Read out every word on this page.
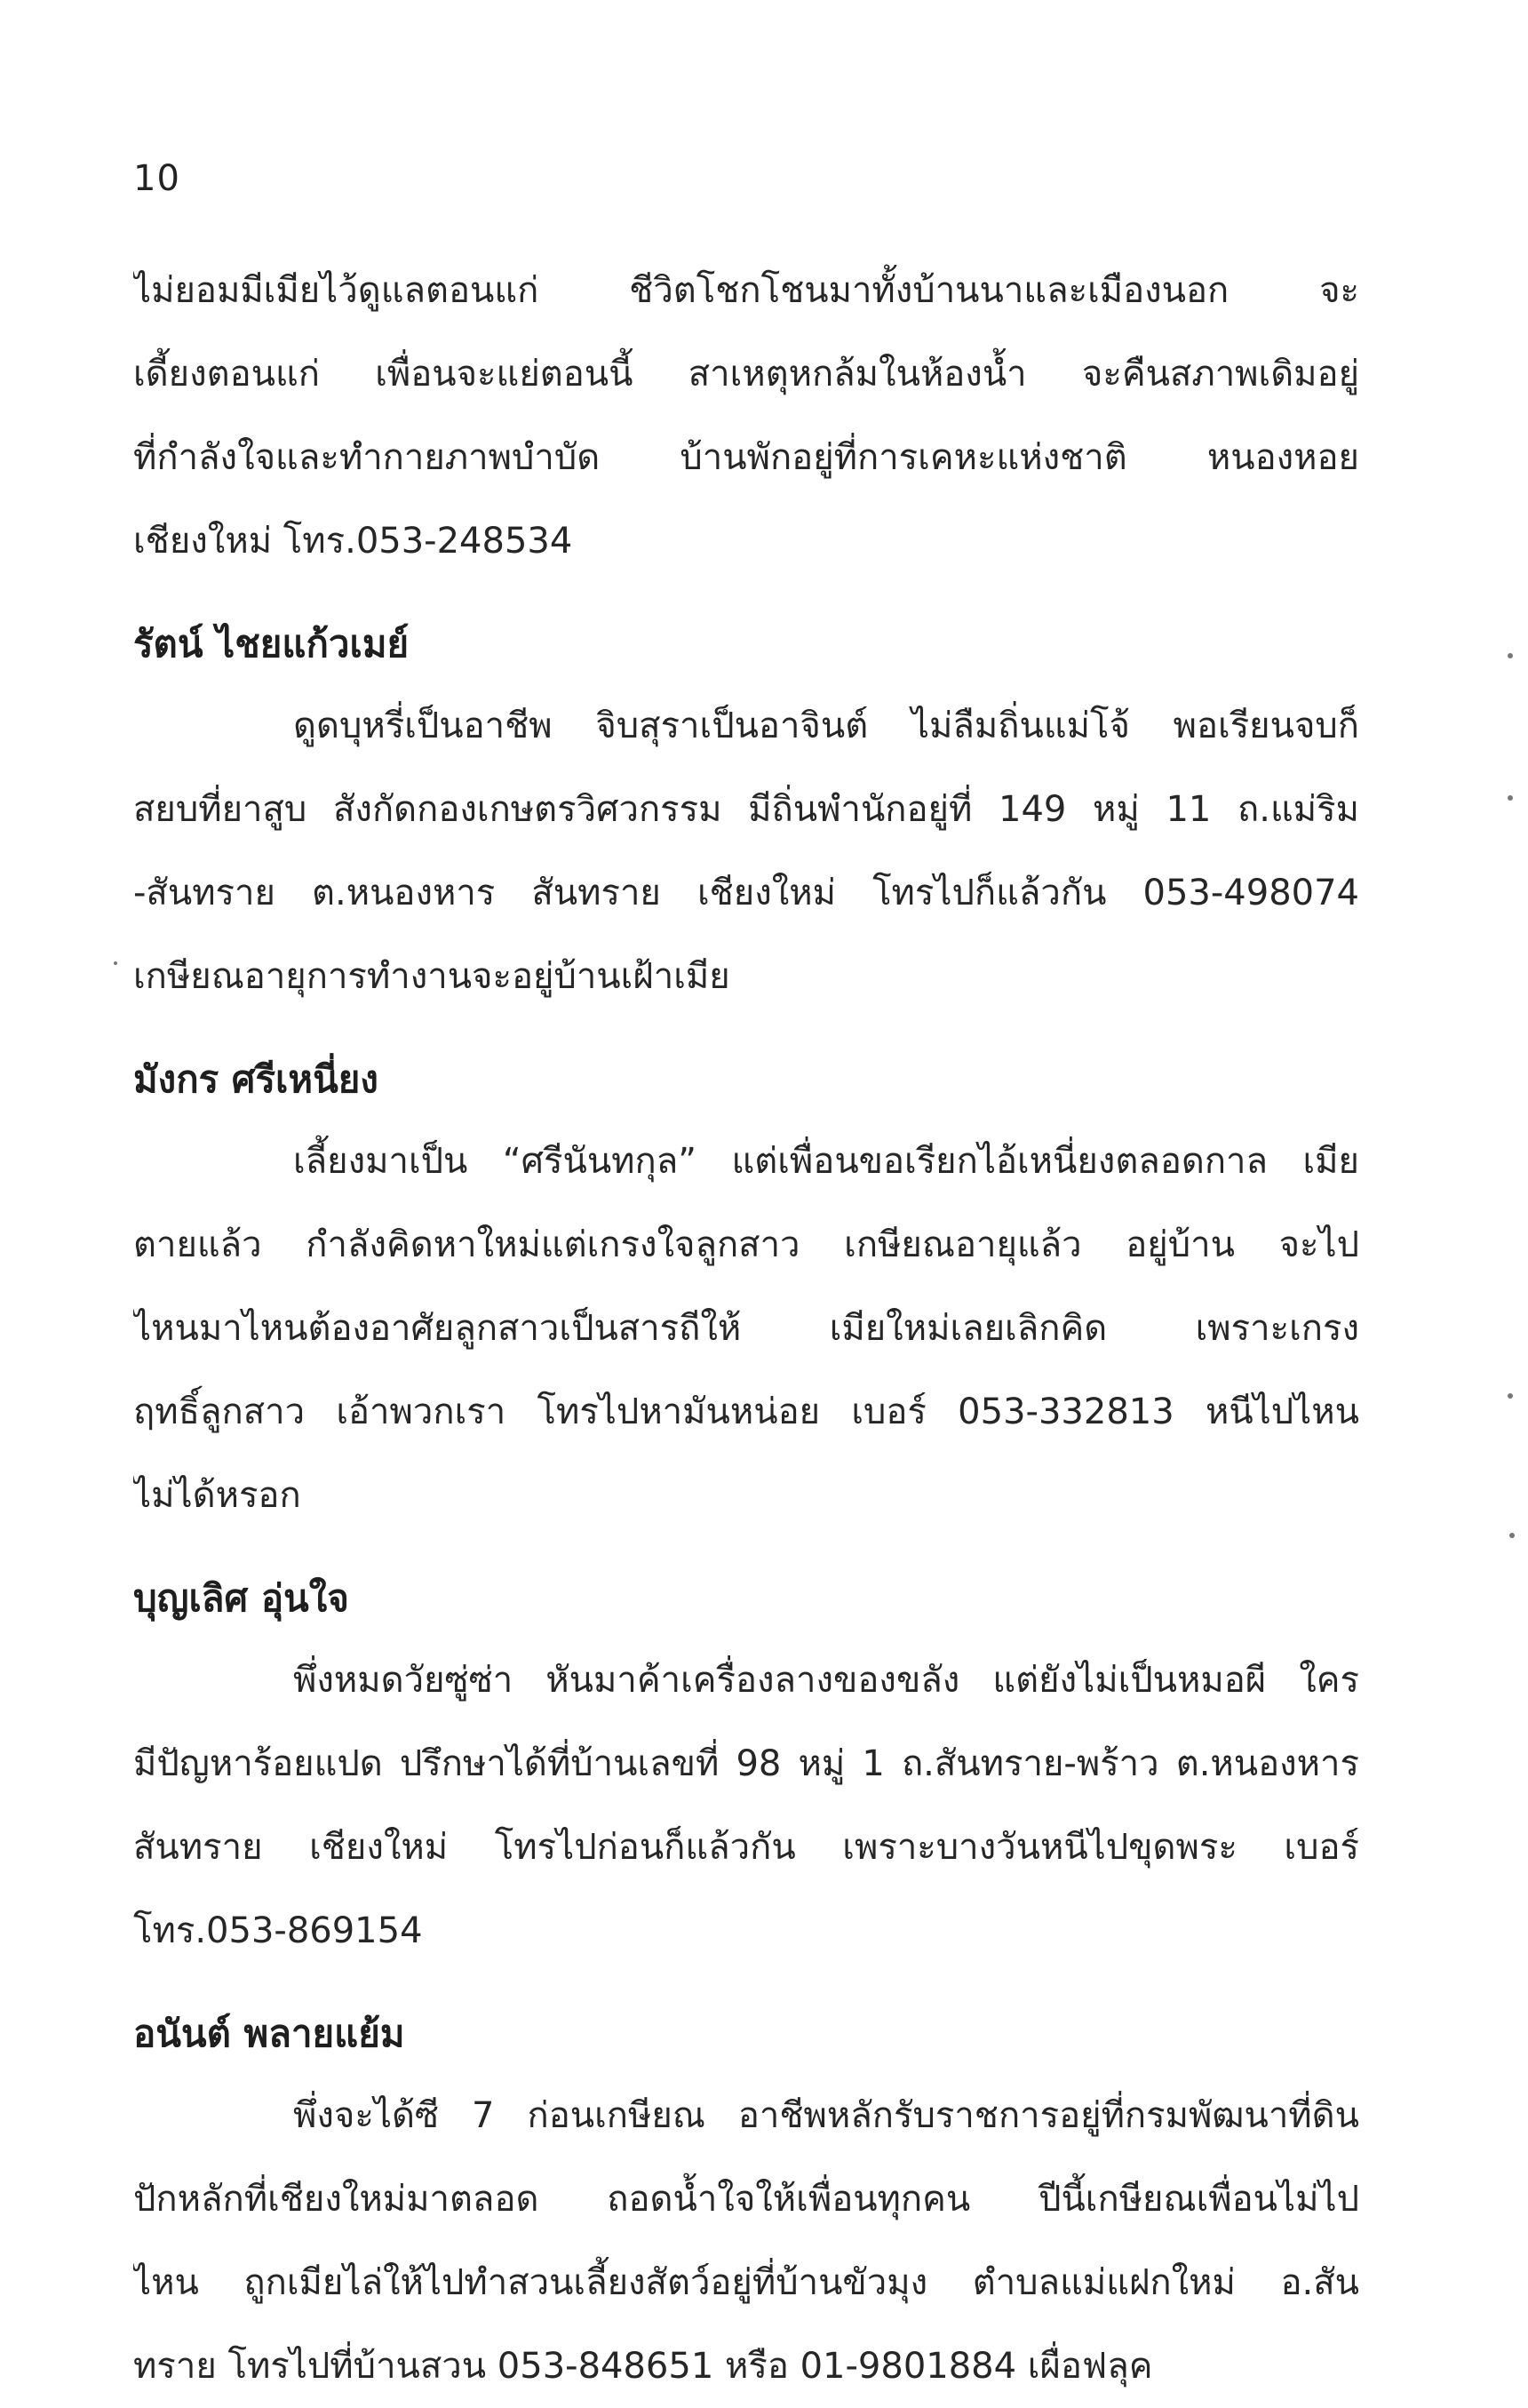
10
ไม่ยอมมีเมียไว้ดูแลตอนแก่ ชีวิตโชกโชนมาทั้งบ้านนาและเมืองนอก จะ
เดี้ยงตอนแก่ เพื่อนจะแย่ตอนนี้ สาเหตุหกล้มในห้องน้ำ จะคืนสภาพเดิมอยู่
ที่กำลังใจและทำกายภาพบำบัด บ้านพักอยู่ที่การเคหะแห่งชาติ หนองหอย
เชียงใหม่ โทร.053-248534
รัตน์ ไชยแก้วเมย์
ดูดบุหรี่เป็นอาชีพ จิบสุราเป็นอาจินต์ ไม่ลืมถิ่นแม่โจ้ พอเรียนจบก็
สยบที่ยาสูบ สังกัดกองเกษตรวิศวกรรม มีถิ่นพำนักอยู่ที่ 149 หมู่ 11 ถ.แม่ริม
-สันทราย ต.หนองหาร สันทราย เชียงใหม่ โทรไปก็แล้วกัน 053-498074
เกษียณอายุการทำงานจะอยู่บ้านเฝ้าเมีย
มังกร ศรีเหนี่ยง
เลี้ยงมาเป็น “ศรีนันทกุล” แต่เพื่อนขอเรียกไอ้เหนี่ยงตลอดกาล เมีย
ตายแล้ว กำลังคิดหาใหม่แต่เกรงใจลูกสาว เกษียณอายุแล้ว อยู่บ้าน จะไป
ไหนมาไหนต้องอาศัยลูกสาวเป็นสารถีให้ เมียใหม่เลยเลิกคิด เพราะเกรง
ฤทธิ์ลูกสาว เอ้าพวกเรา โทรไปหามันหน่อย เบอร์ 053-332813 หนีไปไหน
ไม่ได้หรอก
บุญเลิศ อุ่นใจ
พึ่งหมดวัยซู่ซ่า หันมาค้าเครื่องลางของขลัง แต่ยังไม่เป็นหมอผี ใคร
มีปัญหาร้อยแปด ปรึกษาได้ที่บ้านเลขที่ 98 หมู่ 1 ถ.สันทราย-พร้าว ต.หนองหาร
สันทราย เชียงใหม่ โทรไปก่อนก็แล้วกัน เพราะบางวันหนีไปขุดพระ เบอร์
โทร.053-869154
อนันต์ พลายแย้ม
พึ่งจะได้ซี 7 ก่อนเกษียณ อาชีพหลักรับราชการอยู่ที่กรมพัฒนาที่ดิน
ปักหลักที่เชียงใหม่มาตลอด ถอดน้ำใจให้เพื่อนทุกคน ปีนี้เกษียณเพื่อนไม่ไป
ไหน ถูกเมียไล่ให้ไปทำสวนเลี้ยงสัตว์อยู่ที่บ้านขัวมุง ตำบลแม่แฝกใหม่ อ.สัน
ทราย โทรไปที่บ้านสวน 053-848651 หรือ 01-9801884 เผื่อฟลุค
